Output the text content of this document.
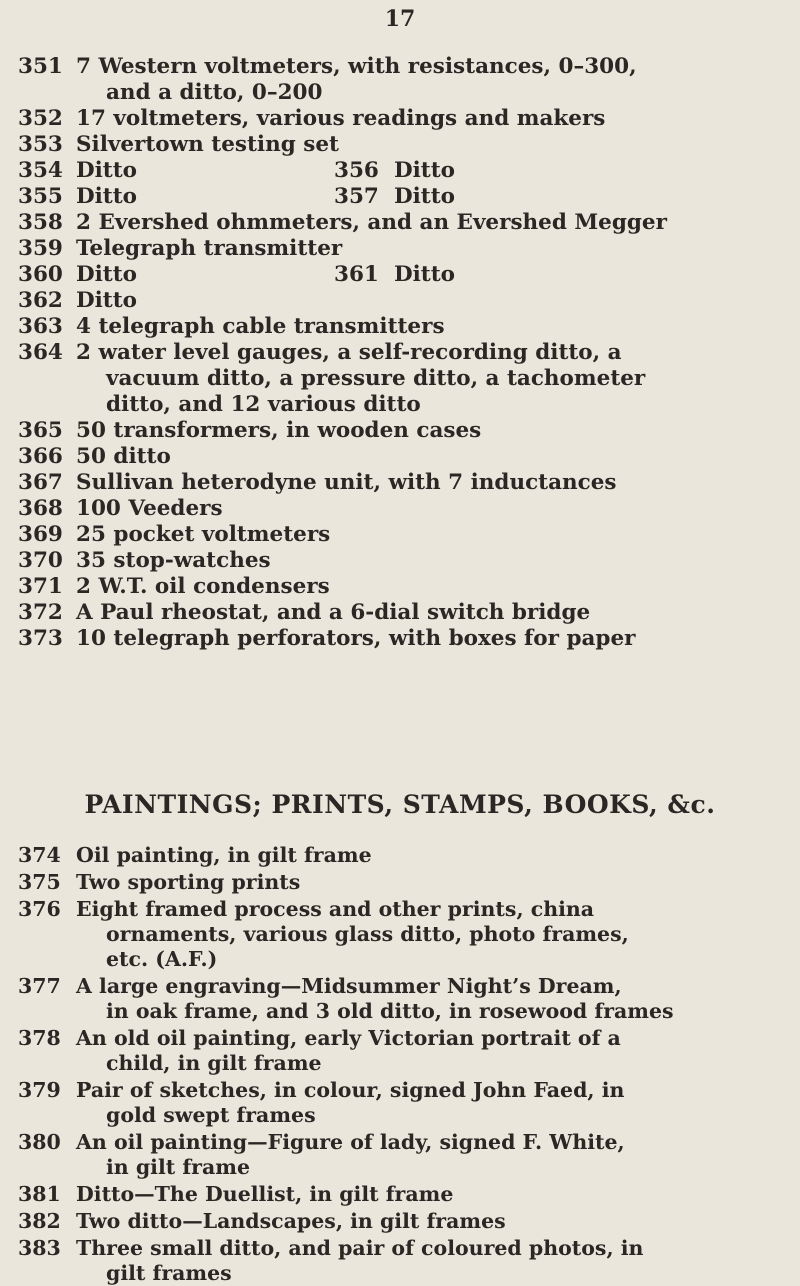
17
351 7 Western voltmeters, with resistances, 0–300,
and a ditto, 0–200
352 17 voltmeters, various readings and makers
353 Silvertown testing set
354 Ditto	356 Ditto
355 Ditto	357 Ditto
358 2 Evershed ohmmeters, and an Evershed Megger
359 Telegraph transmitter
360 Ditto	361 Ditto
362 Ditto
363 4 telegraph cable transmitters
364 2 water level gauges, a self-recording ditto, a
vacuum ditto, a pressure ditto, a tachometer
ditto, and 12 various ditto
365 50 transformers, in wooden cases
366 50 ditto
367 Sullivan heterodyne unit, with 7 inductances
368 100 Veeders
369 25 pocket voltmeters
370 35 stop-watches
371 2 W.T. oil condensers
372 A Paul rheostat, and a 6-dial switch bridge
373 10 telegraph perforators, with boxes for paper
PAINTINGS; PRINTS, STAMPS, BOOKS, &c.
374 Oil painting, in gilt frame
375 Two sporting prints
376 Eight framed process and other prints, china
ornaments, various glass ditto, photo frames,
etc. (A.F.)
377 A large engraving—Midsummer Night’s Dream,
in oak frame, and 3 old ditto, in rosewood frames
378 An old oil painting, early Victorian portrait of a
child, in gilt frame
379 Pair of sketches, in colour, signed John Faed, in
gold swept frames
380 An oil painting—Figure of lady, signed F. White,
in gilt frame
381 Ditto—The Duellist, in gilt frame
382 Two ditto—Landscapes, in gilt frames
383 Three small ditto, and pair of coloured photos, in
gilt frames
